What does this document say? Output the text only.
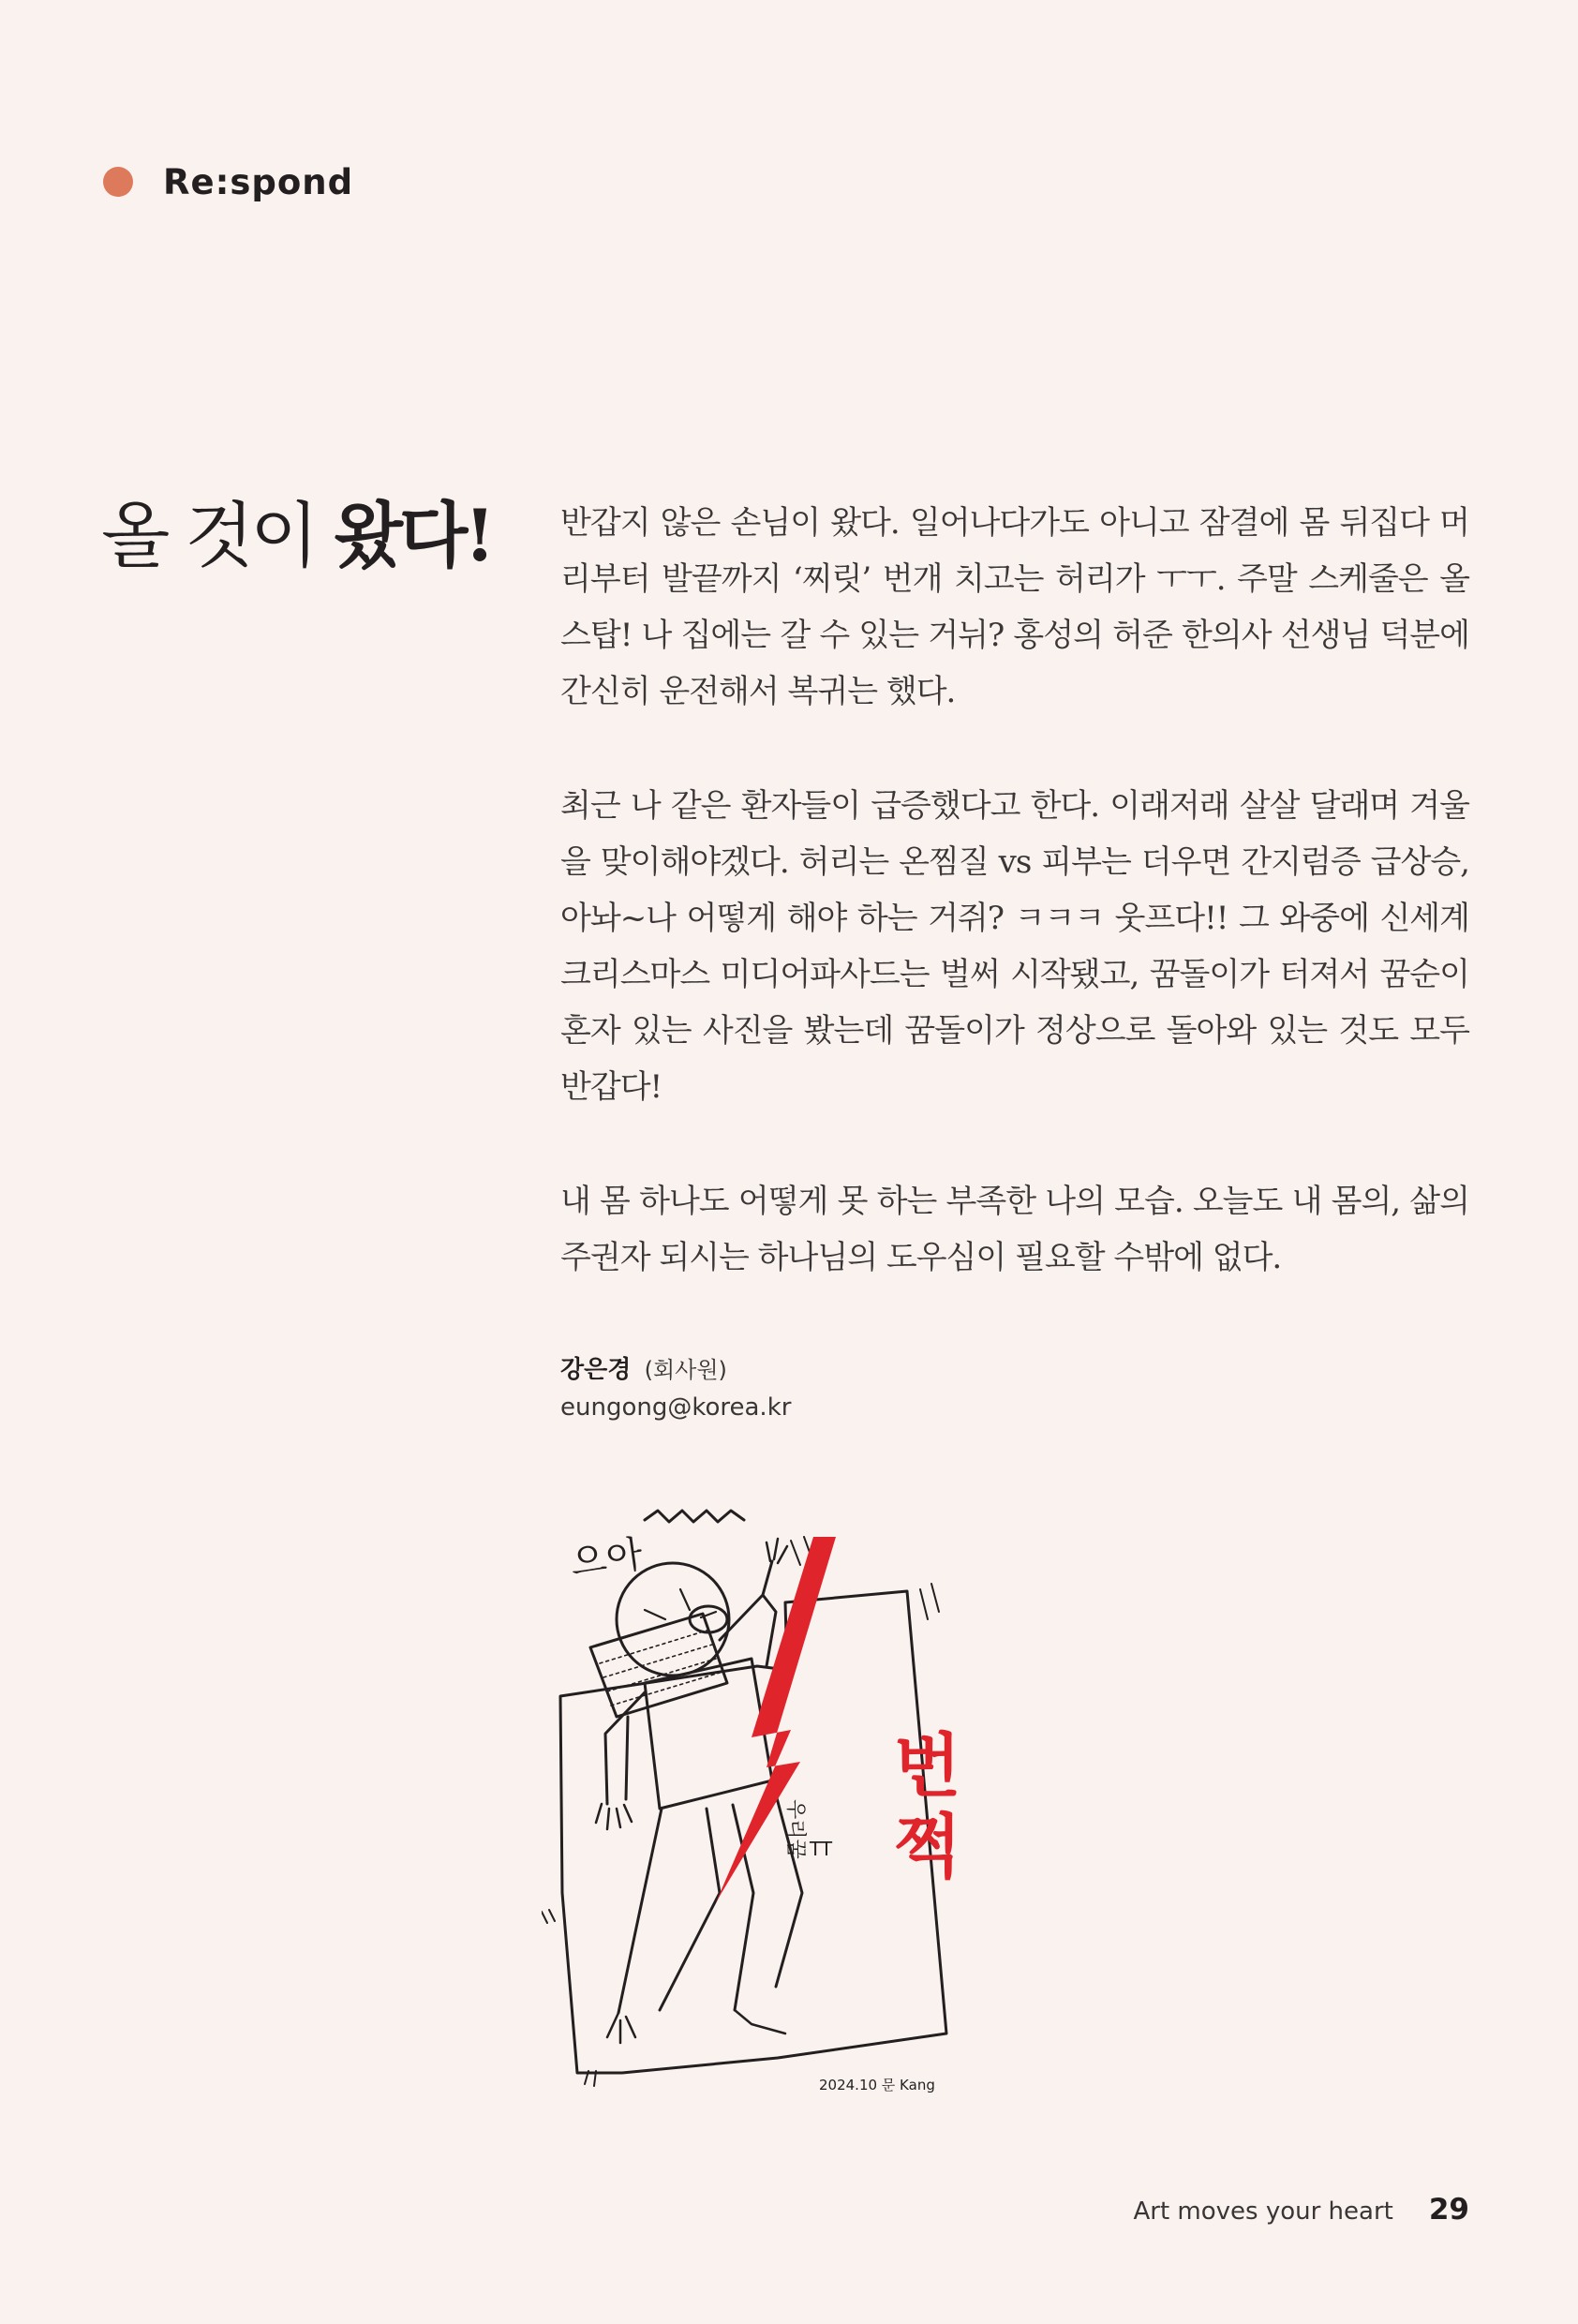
Re:spond
올 것이 왔다! 반갑지 않은 손님이 왔다. 일어나다가도 아니고 잠결에 몸 뒤집다 머리부터 발끝까지 ‘찌릿’ 번개 치고는 허리가 ㅜㅜ. 주말 스케줄은 올스탑! 나 집에는 갈 수 있는 거뉘? 홍성의 허준 한의사 선생님 덕분에 간신히 운전해서 복귀는 했다.

최근 나 같은 환자들이 급증했다고 한다. 이래저래 살살 달래며 겨울을 맞이해야겠다. 허리는 온찜질 vs 피부는 더우면 간지럼증 급상승, 아놔~나 어떻게 해야 하는 거쥐? ㅋㅋㅋ 웃프다!! 그 와중에 신세계 크리스마스 미디어파사드는 벌써 시작됐고, 꿈돌이가 터져서 꿈순이 혼자 있는 사진을 봤는데 꿈돌이가 정상으로 돌아와 있는 것도 모두 반갑다!

내 몸 하나도 어떻게 못 하는 부족한 나의 모습. 오늘도 내 몸의, 삶의 주권자 되시는 하나님의 도우심이 필요할 수밖에 없다.

강은경 (회사원)
eungong@korea.kr
으아
번
쩍
우리꿈 TT
2024.10 문 Kang
Art moves your heart 29
